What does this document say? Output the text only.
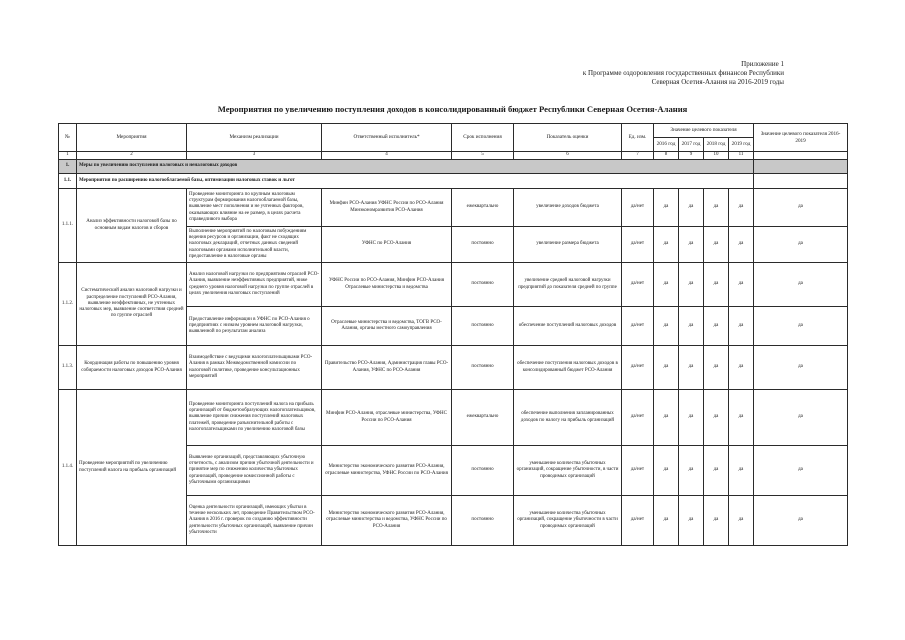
Приложение 1
к Программе оздоровления государственных финансов Республики
Северная Осетия-Алания на 2016-2019 годы
Мероприятия по увеличению поступления доходов в консолидированный бюджет Республики Северная Осетия-Алания
№	Мероприятия	Механизм реализации	Ответственный исполнитель*	Срок исполнения	Показатель оценки	Ед. изм.	Значение целевого показателя				Значение целевого показателя 2016-2019
							2016 год	2017 год	2018 год	2019 год	
1	2	3	4	5	6	7	8	9	10	11	
1.	Меры по увеличению поступления налоговых и неналоговых доходов										
1.1.	Мероприятия по расширению налогооблагаемой базы, оптимизации налоговых ставок и льгот										
1.1.1.	Анализ эффективности налоговой базы по основным видам налогов и сборов	Проведение мониторинга по крупным налоговым структурам формирования налогооблагаемой базы, выявление мест пополнения и не учтенных факторов, оказывающих влияние на ее размер, в целях расчета справедливого выбора	Минфин РСО-Алания УФНС России по РСО-Алания Минэкономразвития РСО-Алания	ежеквартально	увеличение доходов бюджета	да/нет	да	да	да	да	да
		Выполнение мероприятий по налоговым побуждениям ведения ресурсов и организации, факт не сходящих налоговых деклараций, отчетных данных сведений налоговыми органами исполнительной власти, предоставление в налоговые органы	УФНС по РСО-Алания	постоянно	увеличение размера бюджета	да/нет	да	да	да	да	да
1.1.2.	Систематический анализ налоговой нагрузки и распределение поступлений РСО-Алания, выявление неэффективных, не учтенных налоговых мер, выявление соответствия средней по группе отраслей	Анализ налоговой нагрузки по предприятиям отраслей РСО-Алания, выявление неэффективных предприятий, ниже среднего уровня налоговой нагрузки по группе отраслей в целях увеличения налоговых поступлений	УФНС России по РСО-Алания, Минфин РСО-Алания Отраслевые министерства и ведомства	постоянно	увеличение средней налоговой нагрузки предприятий до показателя средней по группе	да/нет	да	да	да	да	да
		Предоставление информации в УФНС по РСО-Алания о предприятиях с низким уровнем налоговой нагрузки, выявленной по результатам анализа	Отраслевые министерства и ведомства, ТОГВ РСО-Алания, органы местного самоуправления	постоянно	обеспечение поступлений налоговых доходов	да/нет	да	да	да	да	да
1.1.3.	Координация работы по повышению уровня собираемости налоговых доходов РСО-Алания	Взаимодействие с ведущими налогоплательщиками РСО-Алания в рамках Межведомственной комиссии по налоговой политике, проведение консультационных мероприятий	Правительство РСО-Алания, Администрация главы РСО-Алания, УФНС по РСО-Алания	постоянно	обеспечение поступления налоговых доходов в консолидированный бюджет РСО-Алания	да/нет	да	да	да	да	да
1.1.4.	Проведение мероприятий по увеличению поступлений налога на прибыль организаций	Проведение мониторинга поступлений налога на прибыль организаций от бюджетообразующих налогоплательщиков, выявление причин снижения поступлений налоговых платежей, проведение разъяснительной работы с налогоплательщиками по увеличению налоговой базы	Минфин РСО-Алания, отраслевые министерства, УФНС России по РСО-Алания	ежеквартально	обеспечение выполнения запланированных доходов по налогу на прибыль организаций	да/нет	да	да	да	да	да
		Выявление организаций, представляющих убыточную отчетность, с анализом причин убыточной деятельности и принятие мер по снижению количества убыточных организаций, проведение комиссионной работы с убыточными организациями	Министерство экономического развития РСО-Алания, отраслевые министерства, УФНС России по РСО-Алания	постоянно	уменьшение количества убыточных организаций, сокращение убыточности, в части проводимых организаций	да/нет	да	да	да	да	да
		Оценка деятельности организаций, имеющих убытки в течение нескольких лет, проведение Правительством РСО-Алания в 2016 г. проверок по созданию эффективности деятельности убыточных организаций, выявление причин убыточности	Министерство экономического развития РСО-Алания, отраслевые министерства и ведомства, УФНС России по РСО-Алания	постоянно	уменьшение количества убыточных организаций, сокращение убыточности в части проводимых организаций	да/нет	да	да	да	да	да
